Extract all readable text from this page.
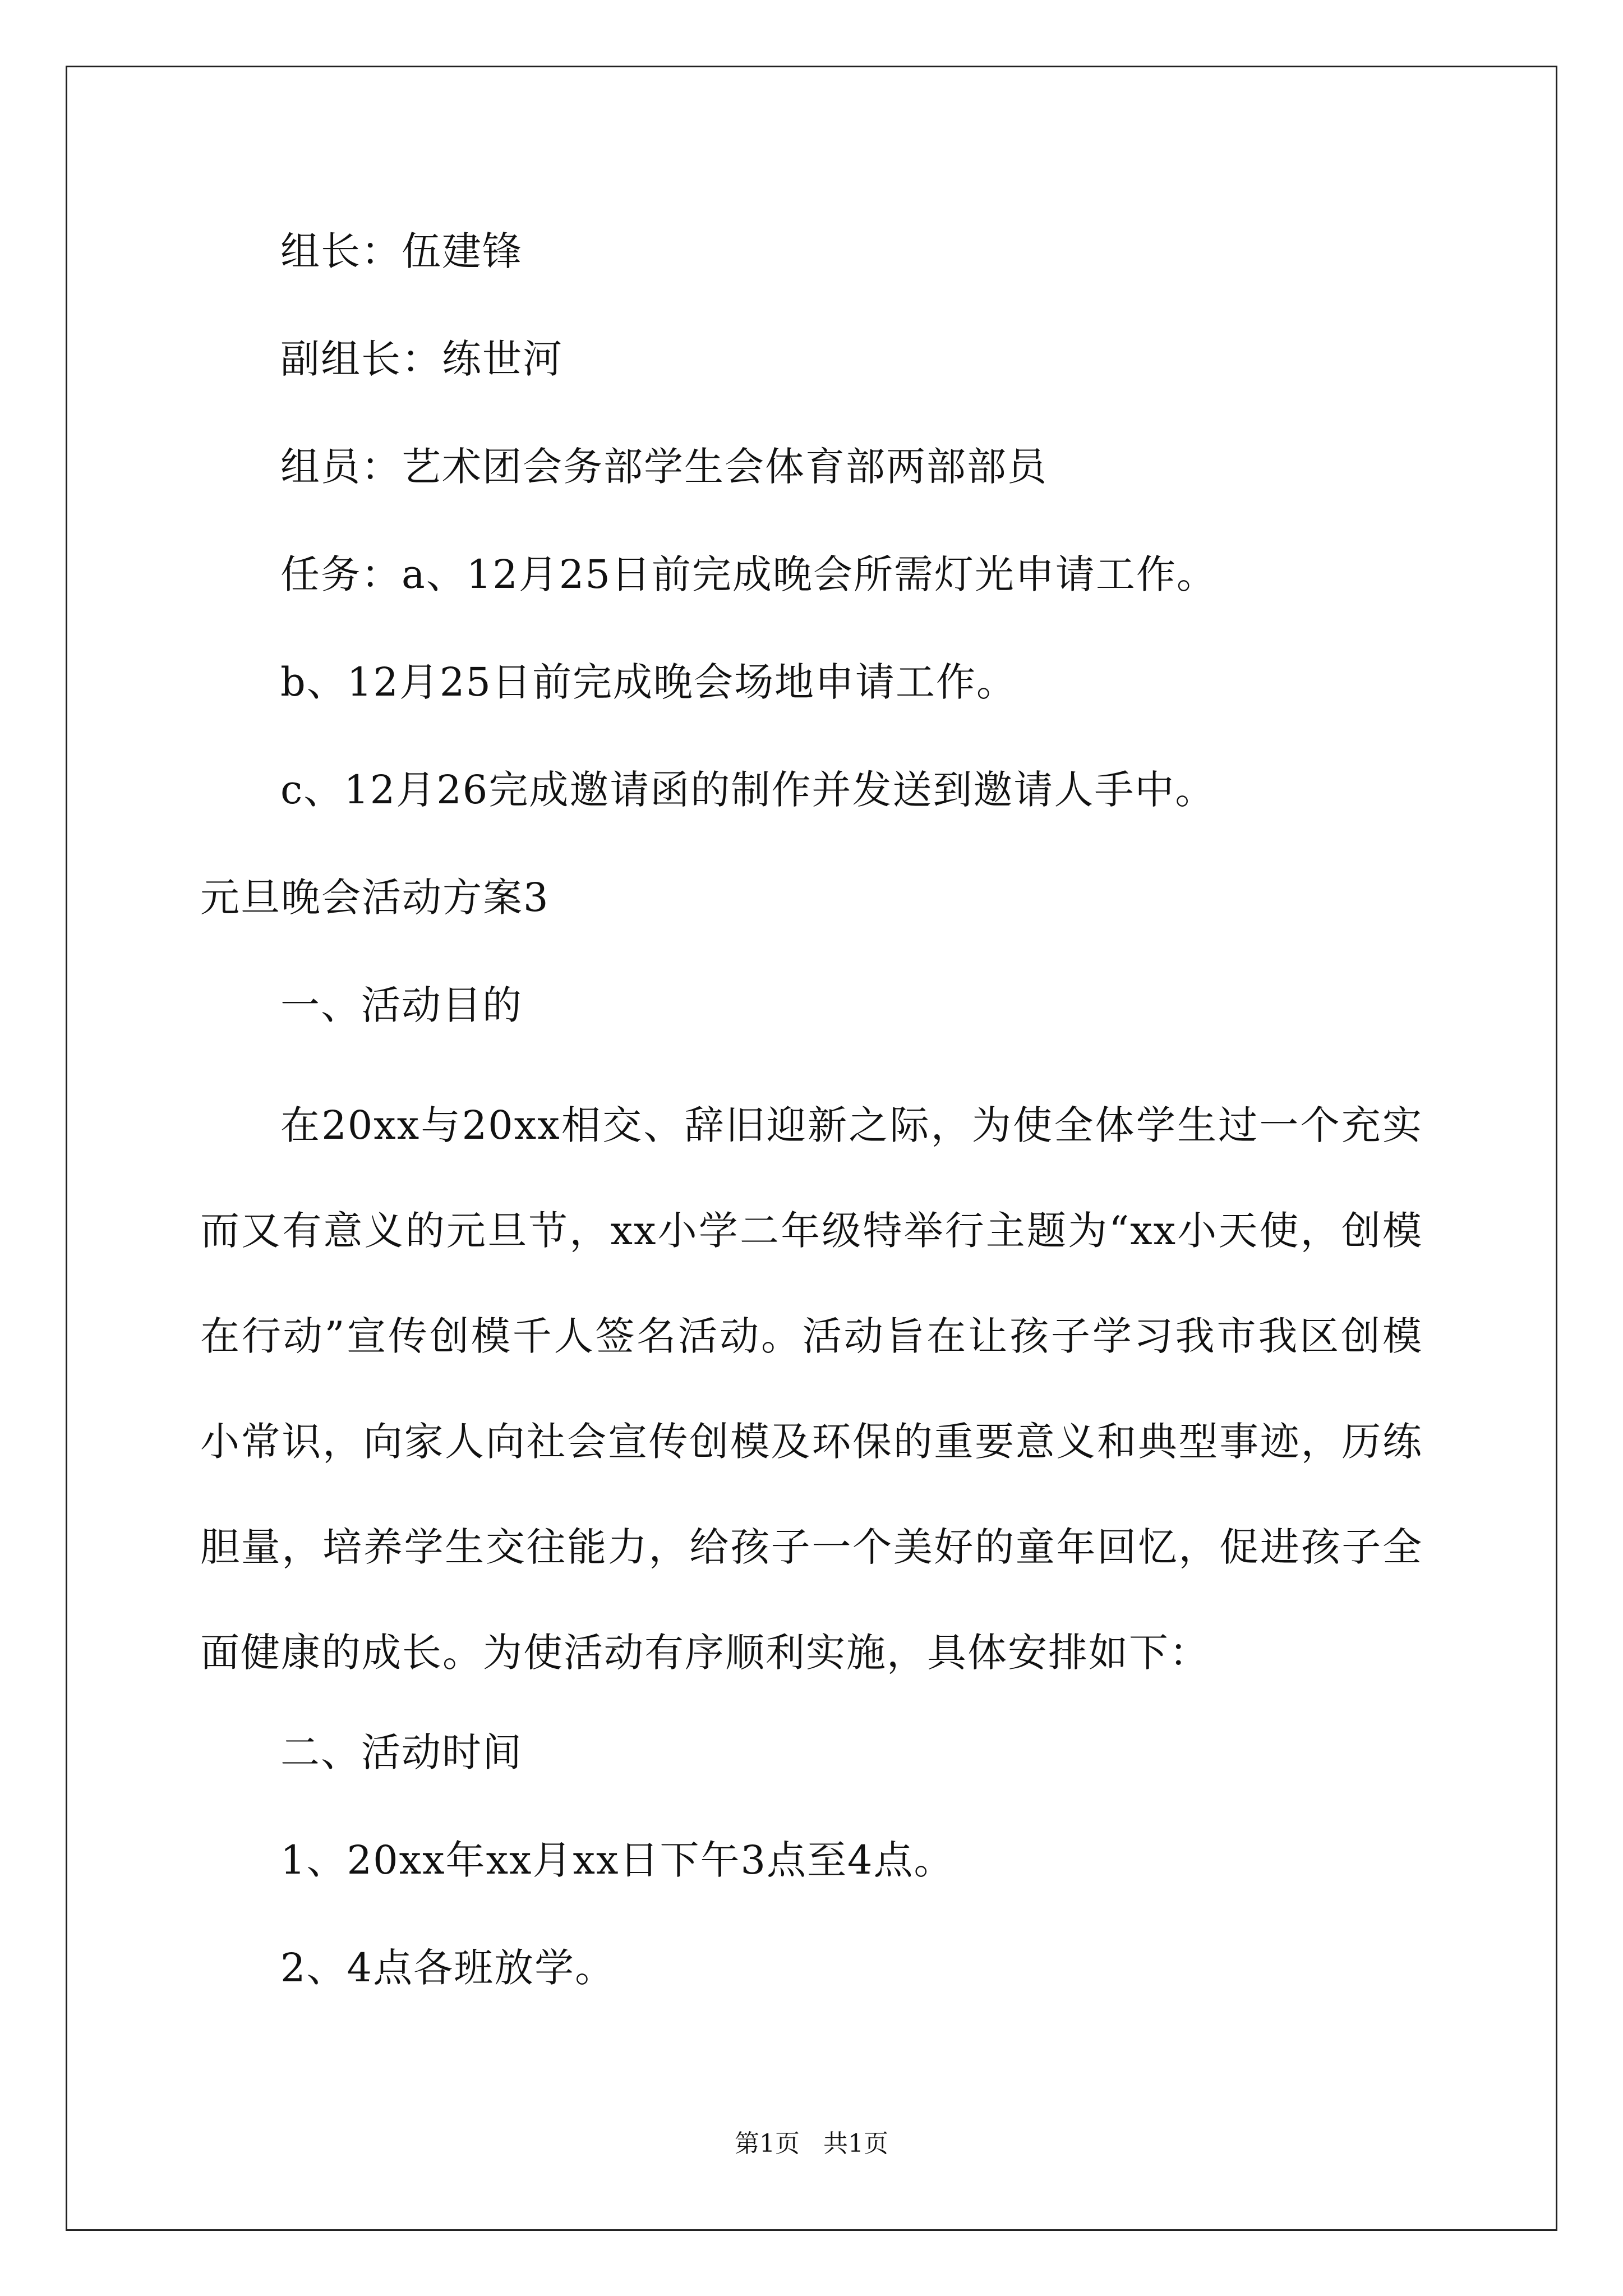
组长：伍建锋
副组长：练世河
组员：艺术团会务部学生会体育部两部部员
任务：a、12月25日前完成晚会所需灯光申请工作。
b、12月25日前完成晚会场地申请工作。
c、12月26完成邀请函的制作并发送到邀请人手中。
元旦晚会活动方案3
一、活动目的
在20xx与20xx相交、辞旧迎新之际，为使全体学生过一个充实而又有意义的元旦节，xx小学二年级特举行主题为“xx小天使，创模在行动”宣传创模千人签名活动。活动旨在让孩子学习我市我区创模小常识，向家人向社会宣传创模及环保的重要意义和典型事迹，历练胆量，培养学生交往能力，给孩子一个美好的童年回忆，促进孩子全面健康的成长。为使活动有序顺利实施，具体安排如下：
二、活动时间
1、20xx年xx月xx日下午3点至4点。
2、4点各班放学。
第1页   共1页
